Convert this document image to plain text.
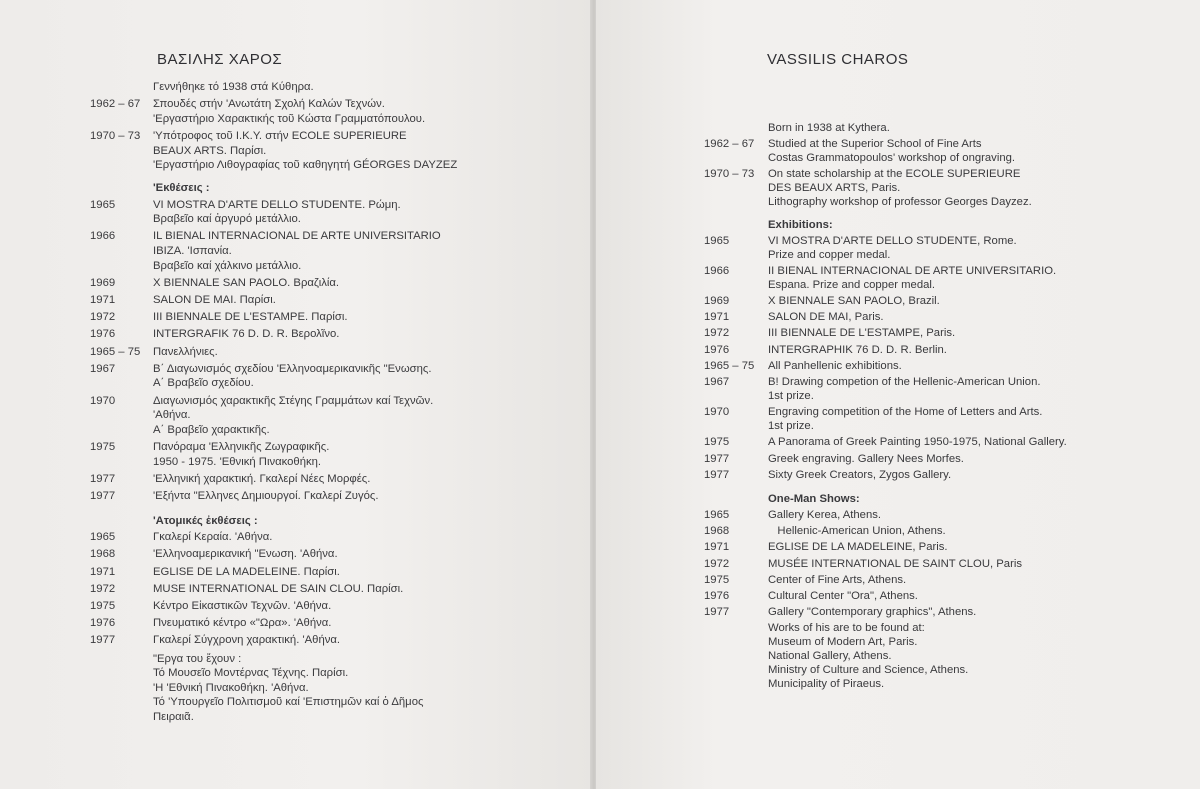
ΒΑΣΙΛΗΣ ΧΑΡΟΣ
Γεννήθηκε τό 1938 στά Κύθηρα.
1962 – 67 Σπουδές στήν 'Ανωτάτη Σχολή Καλών Τεχνών.
'Εργαστήριο Χαρακτικής τοῦ Κώστα Γραμματόπουλου.
1970 – 73 'Υπότροφος τοῦ Ι.Κ.Υ. στήν ECOLE SUPERIEURE
BEAUX ARTS. Παρίσι.
'Εργαστήριο Λιθογραφίας τοῦ καθηγητή GÉORGES DAYZEZ
'Εκθέσεις :
1965	VI MOSTRA D'ARTE DELLO STUDENTE. Ρώμη.
Βραβεῖο καί ἀργυρό μετάλλιο.
1966	IL BIENAL INTERNACIONAL DE ARTE UNIVERSITARIO
IBIZA. 'Ισπανία.
Βραβεῖο καί χάλκινο μετάλλιο.
1969	X BIENNALE SAN PAOLO. Βραζιλία.
1971	SALON DE MAI. Παρίσι.
1972	III BIENNALE DE L'ESTAMPE. Παρίσι.
1976	INTERGRAFIK 76 D. D. R. Βερολῖνο.
1965 – 75 Πανελλήνιες.
1967	Β΄ Διαγωνισμός σχεδίου 'Ελληνοαμερικανικῆς "Ενωσης.
Α΄ Βραβεῖο σχεδίου.
1970	Διαγωνισμός χαρακτικῆς Στέγης Γραμμάτων καί Τεχνῶν.
'Αθήνα.
Α΄ Βραβεῖο χαρακτικῆς.
1975	Πανόραμα 'Ελληνικῆς Ζωγραφικῆς.
1950 - 1975. 'Εθνική Πινακοθήκη.
1977	'Ελληνική χαρακτική. Γκαλερί Νέες Μορφές.
1977	'Εξήντα "Ελληνες Δημιουργοί. Γκαλερί Ζυγός.
'Ατομικές ἐκθέσεις :
1965	Γκαλερί Κεραία. 'Αθήνα.
1968	'Ελληνοαμερικανική "Ενωση. 'Αθήνα.
1971	EGLISE DE LA MADELEINE. Παρίσι.
1972	MUSE INTERNATIONAL DE SAIN CLOU. Παρίσι.
1975	Κέντρο Εἰκαστικῶν Τεχνῶν. 'Αθήνα.
1976	Πνευματικό κέντρο «"Ωρα». 'Αθήνα.
1977	Γκαλερί Σύγχρονη χαρακτική. 'Αθήνα.
"Εργα του ἔχουν :
Τό Μουσεῖο Μοντέρνας Τέχνης. Παρίσι.
'Η 'Εθνική Πινακοθήκη. 'Αθήνα.
Τό 'Υπουργεῖο Πολιτισμοῦ καί 'Επιστημῶν καί ὁ Δῆμος
Πειραιᾶ.
VASSILIS CHAROS
Born in 1938 at Kythera.
1962 – 67 Studied at the Superior School of Fine Arts
Costas Grammatopoulos' workshop of ongraving.
1970 – 73 On state scholarship at the ECOLE SUPERIEURE
DES BEAUX ARTS, Paris.
Lithography workshop of professor Georges Dayzez.
Exhibitions:
1965	VI MOSTRA D'ARTE DELLO STUDENTE, Rome.
Prize and copper medal.
1966	II BIENAL INTERNACIONAL DE ARTE UNIVERSITARIO.
Espana. Prize and copper medal.
1969	X BIENNALE SAN PAOLO, Brazil.
1971	SALON DE MAI, Paris.
1972	III BIENNALE DE L'ESTAMPE, Paris.
1976	INTERGRAPHIK 76 D. D. R. Berlin.
1965 – 75 All Panhellenic exhibitions.
1967	B! Drawing competion of the Hellenic-American Union.
1st prize.
1970	Engraving competition of the Home of Letters and Arts.
1st prize.
1975	A Panorama of Greek Painting 1950-1975, National Gallery.
1977	Greek engraving. Gallery Nees Morfes.
1977	Sixty Greek Creators, Zygos Gallery.
One-Man Shows:
1965	Gallery Kerea, Athens.
1968	Hellenic-American Union, Athens.
1971	EGLISE DE LA MADELEINE, Paris.
1972	MUSÉE INTERNATIONAL DE SAINT CLOU, Paris
1975	Center of Fine Arts, Athens.
1976	Cultural Center "Ora", Athens.
1977	Gallery "Contemporary graphics", Athens.
Works of his are to be found at:
Museum of Modern Art, Paris.
National Gallery, Athens.
Ministry of Culture and Science, Athens.
Municipality of Piraeus.
